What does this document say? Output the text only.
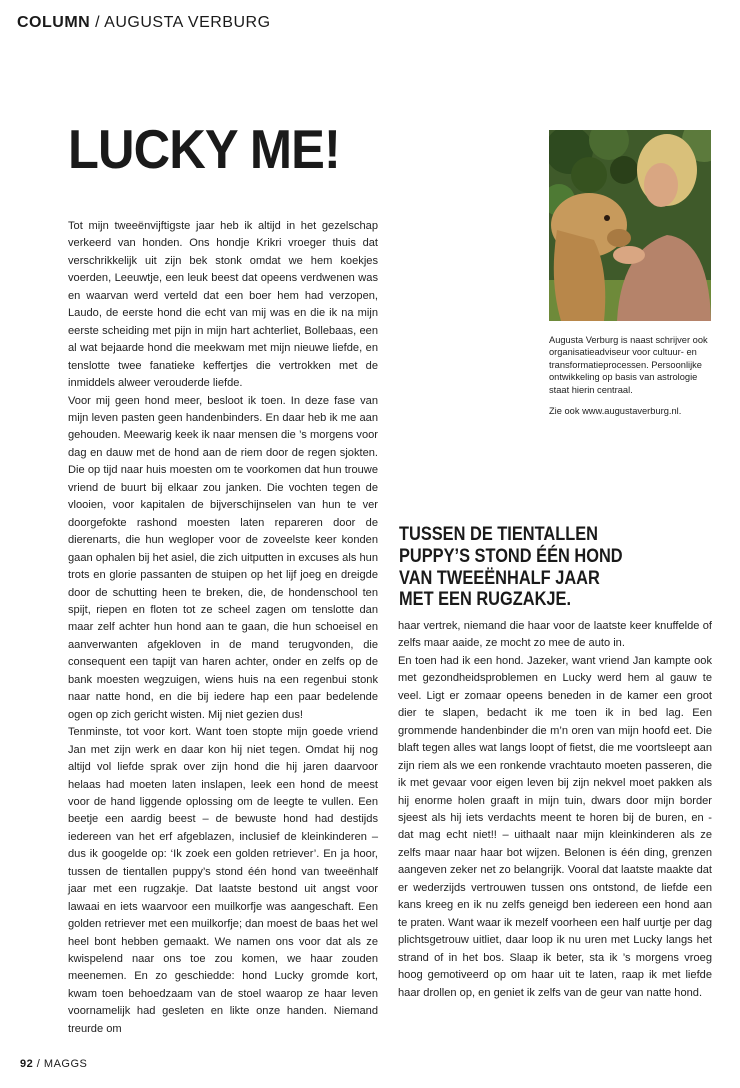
COLUMN / AUGUSTA VERBURG
LUCKY ME!

Tot mijn tweeënvijftigste jaar heb ik altijd in het gezelschap verkeerd van honden. Ons hondje Krikri vroeger thuis dat verschrikkelijk uit zijn bek stonk omdat we hem koekjes voerden, Leeuwtje, een leuk beest dat opeens verdwenen was en waarvan werd verteld dat een boer hem had verzopen, Laudo, de eerste hond die echt van mij was en die ik na mijn eerste scheiding met pijn in mijn hart achterliet, Bollebaas, een al wat bejaarde hond die meekwam met mijn nieuwe liefde, en tenslotte twee fanatieke keffertjes die vertrokken met de inmiddels alweer verouderde liefde.

Voor mij geen hond meer, besloot ik toen. In deze fase van mijn leven pasten geen handenbinders. En daar heb ik me aan gehouden. Meewarig keek ik naar mensen die ’s morgens voor dag en dauw met de hond aan de riem door de regen sjokten. Die op tijd naar huis moesten om te voorkomen dat hun trouwe vriend de buurt bij elkaar zou janken. Die vochten tegen de vlooien, voor kapitalen de bijverschijnselen van hun te ver doorgefokte rashond moesten laten repareren door de dierenarts, die hun wegloper voor de zoveelste keer konden gaan ophalen bij het asiel, die zich uitputten in excuses als hun trots en glorie passanten de stuipen op het lijf joeg en dreigde door de schutting heen te breken, die, de hondenschool ten spijt, riepen en floten tot ze scheel zagen om tenslotte dan maar zelf achter hun hond aan te gaan, die hun schoeisel en aanverwanten afgekloven in de mand terugvonden, die consequent een tapijt van haren achter, onder en zelfs op de bank moesten wegzuigen, wiens huis na een regenbui stonk naar natte hond, en die bij iedere hap een paar bedelende ogen op zich gericht wisten. Mij niet gezien dus!

Tenminste, tot voor kort. Want toen stopte mijn goede vriend Jan met zijn werk en daar kon hij niet tegen. Omdat hij nog altijd vol liefde sprak over zijn hond die hij jaren daarvoor helaas had moeten laten inslapen, leek een hond de meest voor de hand liggende oplossing om de leegte te vullen. Een beetje een aardig beest – de bewuste hond had destijds iedereen van het erf afgeblazen, inclusief de kleinkinderen – dus ik googelde op: ‘Ik zoek een golden retriever’. En ja hoor, tussen de tientallen puppy’s stond één hond van tweeënhalf jaar met een rugzakje. Dat laatste bestond uit angst voor lawaai en iets waarvoor een muilkorfje was aangeschaft. Een golden retriever met een muilkorfje; dan moest de baas het wel heel bont hebben gemaakt. We namen ons voor dat als ze kwispelend naar ons toe zou komen, we haar zouden meenemen. En zo geschiedde: hond Lucky gromde kort, kwam toen behoedzaam van de stoel waarop ze haar leven voornamelijk had gesleten en likte onze handen. Niemand treurde om

Augusta Verburg is naast schrijver ook organisatieadviseur voor cultuur- en transformatieprocessen. Persoonlijke ontwikkeling op basis van astrologie staat hierin centraal.

Zie ook www.augustaverburg.nl.

TUSSEN DE TIENTALLEN
PUPPY’S STOND ÉÉN HOND
VAN TWEEËNHALF JAAR
MET EEN RUGZAKJE.

haar vertrek, niemand die haar voor de laatste keer knuffelde of zelfs maar aaide, ze mocht zo mee de auto in.

En toen had ik een hond. Jazeker, want vriend Jan kampte ook met gezondheidsproblemen en Lucky werd hem al gauw te veel. Ligt er zomaar opeens beneden in de kamer een groot dier te slapen, bedacht ik me toen ik in bed lag. Een grommende handenbinder die m’n oren van mijn hoofd eet. Die blaft tegen alles wat langs loopt of fietst, die me voortsleept aan zijn riem als we een ronkende vrachtauto moeten passeren, die ik met gevaar voor eigen leven bij zijn nekvel moet pakken als hij enorme holen graaft in mijn tuin, dwars door mijn border sjeest als hij iets verdachts meent te horen bij de buren, en - dat mag echt niet!! – uithaalt naar mijn kleinkinderen als ze zelfs maar naar haar bot wijzen. Belonen is één ding, grenzen aangeven zeker net zo belangrijk. Vooral dat laatste maakte dat er wederzijds vertrouwen tussen ons ontstond, de liefde een kans kreeg en ik nu zelfs geneigd ben iedereen een hond aan te praten. Want waar ik mezelf voorheen een half uurtje per dag plichtsgetrouw uitliet, daar loop ik nu uren met Lucky langs het strand of in het bos. Slaap ik beter, sta ik ’s morgens vroeg hoog gemotiveerd op om haar uit te laten, raap ik met liefde haar drollen op, en geniet ik zelfs van de geur van natte hond.

92 / MAGGS
